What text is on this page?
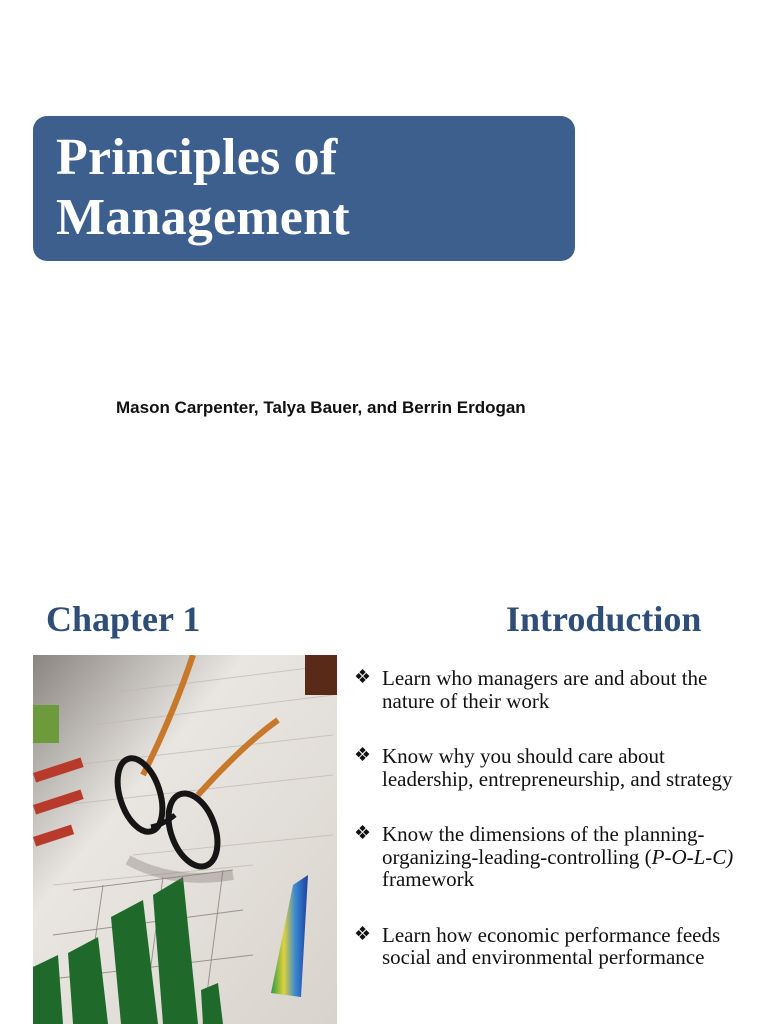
Principles of
Management
Mason Carpenter, Talya Bauer, and Berrin Erdogan
Chapter 1	Introduction
❖ Learn who managers are and about the nature of their work
❖ Know why you should care about leadership, entrepreneurship, and strategy
❖ Know the dimensions of the planning-organizing-leading-controlling (P-O-L-C) framework
❖ Learn how economic performance feeds social and environmental performance
